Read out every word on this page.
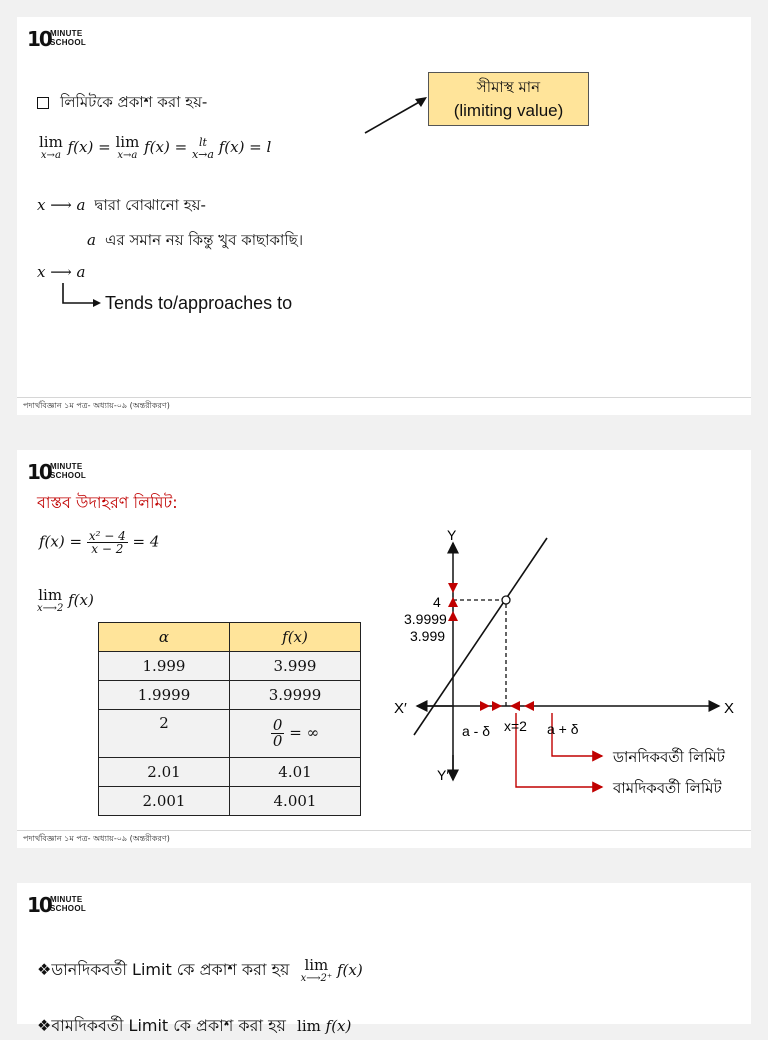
10 MINUTE
SCHOOL
লিমিটকে প্রকাশ করা হয়-
lim
x→a f(x) = lim
x→a f(x) =	lt
x→a f(x) = l
সীমাস্থ মান
(limiting value)
x ⟶ a দ্বারা বোঝানো হয়-
a এর সমান নয় কিন্তু খুব কাছাকাছি।
x ⟶ a
Tends to/approaches to
পদার্থবিজ্ঞান ১ম পত্র- অধ্যায়-০৯ (অন্তরীকরণ)
10 MINUTE
SCHOOL
বাস্তব উদাহরণ লিমিট:
$f(x) = \frac{\text{x² − 4}}{x - 2} = 4$
lim
x⟶2 f(x)
α	f(x)
1.999	3.999
1.9999	3.9999
2	$\frac{0}{0}$ = ∞
2.01	4.01
2.001	4.001
Y
Y′
X
X′
4
3.9999
3.999
a - δ x=2 a + δ
ডানদিকবর্তী লিমিট
বামদিকবর্তী লিমিট
পদার্থবিজ্ঞান ১ম পত্র- অধ্যায়-০৯ (অন্তরীকরণ)
10 MINUTE
SCHOOL
❖ডানদিকবর্তী Limit কে প্রকাশ করা হয় lim
x⟶2⁺ f(x)
❖বামদিকবর্তী Limit কে প্রকাশ করা হয় lim f(x)
